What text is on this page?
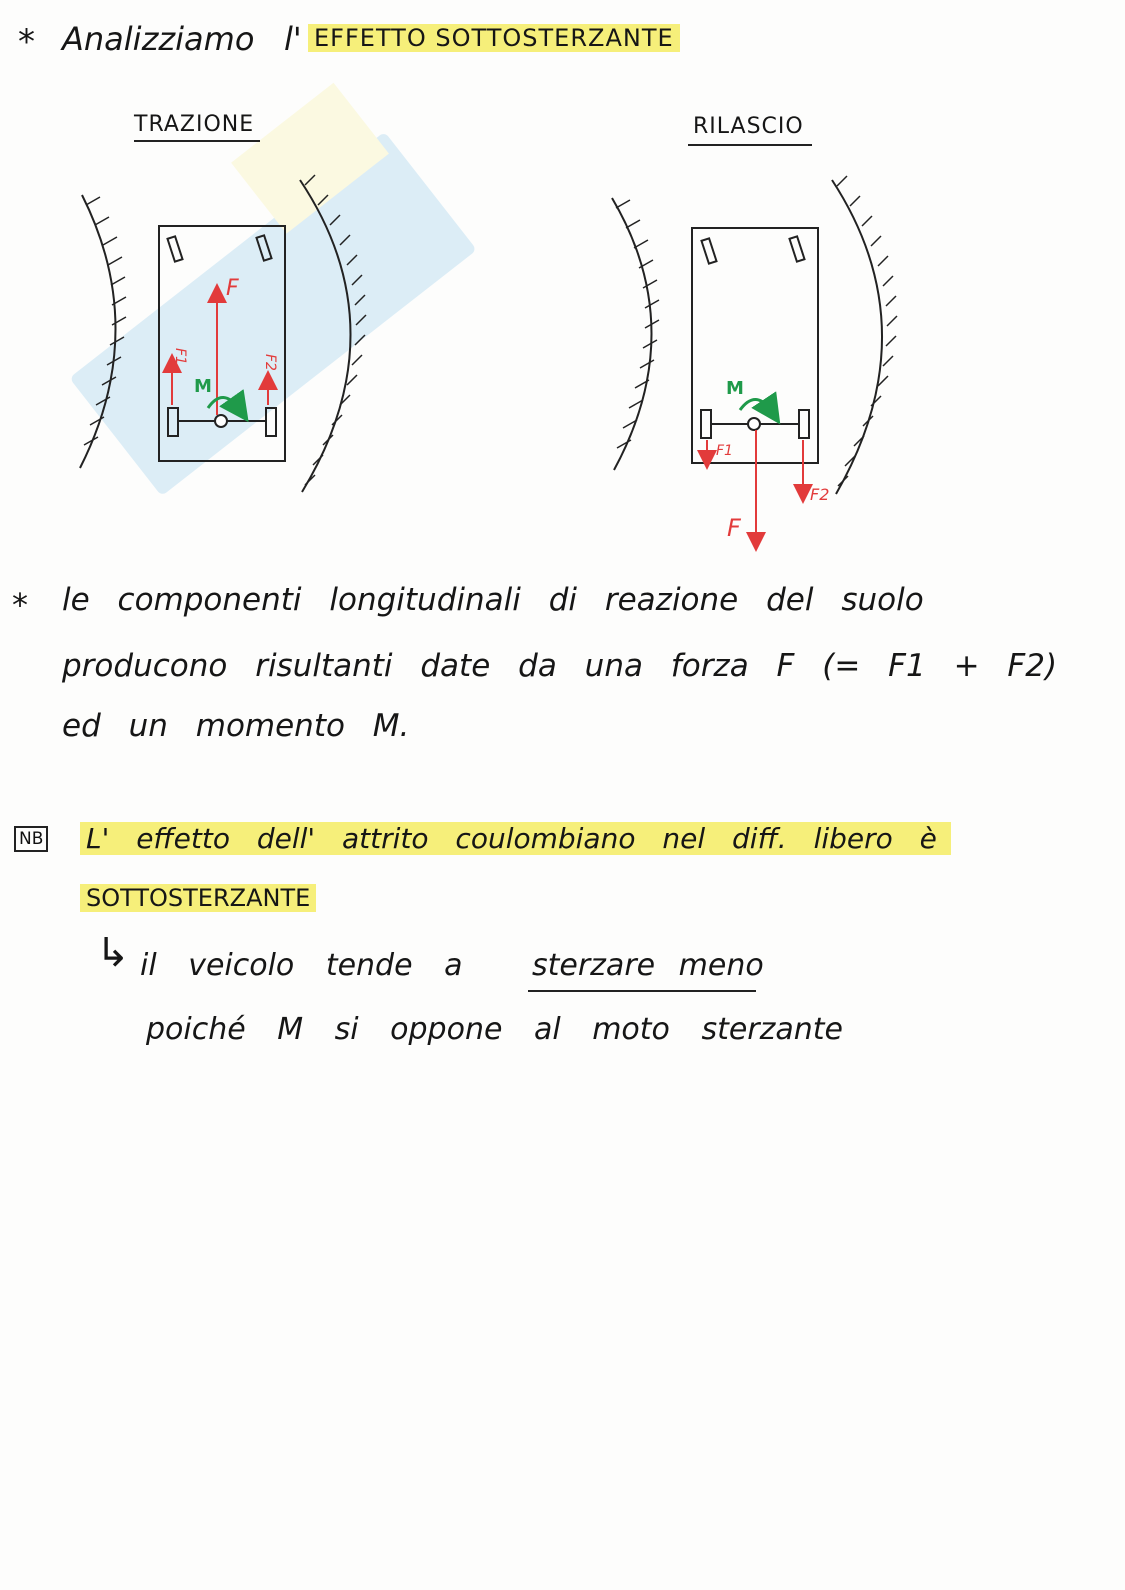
* Analizziamo l' EFFETTO SOTTOSTERZANTE
TRAZIONE	RILASCIO
F
F1	F2
M
F
F1
F2
M
* le componenti longitudinali di reazione del suolo
producono risultanti date da una forza F (= F1 + F2)
ed un momento M.
NB L' effetto dell' attrito coulombiano nel diff. libero è
SOTTOSTERZANTE
↳ il veicolo tende a sterzare meno
poiché M si oppone al moto sterzante
